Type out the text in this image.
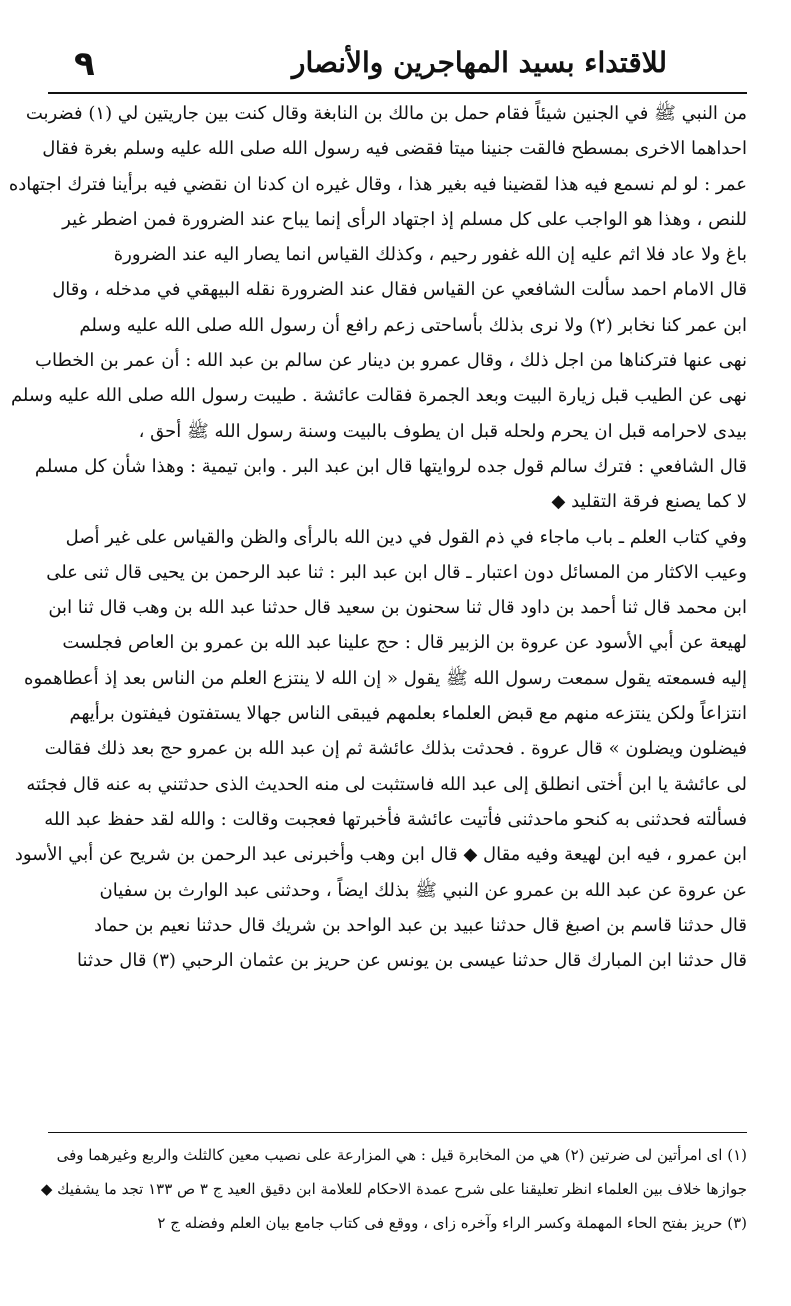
٩	للاقتداء بسيد المهاجرين والأنصار
من النبي ﷺ في الجنين شيئاً فقام حمل بن مالك بن النابغة وقال كنت بين جاريتين لي (١) فضربت
احداهما الاخرى بمسطح فالقت جنينا ميتا فقضى فيه رسول الله صلى الله عليه وسلم بغرة فقال
عمر : لو لم نسمع فيه هذا لقضينا فيه بغير هذا ، وقال غيره ان كدنا ان نقضي فيه برأينا فترك اجتهاده
للنص ، وهذا هو الواجب على كل مسلم إذ اجتهاد الرأى إنما يباح عند الضرورة فمن اضطر غير
باغ ولا عاد فلا اثم عليه إن الله غفور رحيم ، وكذلك القياس انما يصار اليه عند الضرورة
قال الامام احمد سألت الشافعي عن القياس فقال عند الضرورة نقله البيهقي في مدخله ، وقال
ابن عمر كنا نخابر (٢) ولا نرى بذلك بأساحتى زعم رافع أن رسول الله صلى الله عليه وسلم
نهى عنها فتركناها من اجل ذلك ، وقال عمرو بن دينار عن سالم بن عبد الله : أن عمر بن الخطاب
نهى عن الطيب قبل زيارة البيت وبعد الجمرة فقالت عائشة . طيبت رسول الله صلى الله عليه وسلم
بيدى لاحرامه قبل ان يحرم ولحله قبل ان يطوف بالبيت وسنة رسول الله ﷺ أحق ،
قال الشافعي : فترك سالم قول جده لروايتها قال ابن عبد البر . وابن تيمية : وهذا شأن كل مسلم
لا كما يصنع فرقة التقليد ◆
وفي كتاب العلم ـ باب ماجاء في ذم القول في دين الله بالرأى والظن والقياس على غير أصل
وعيب الاكثار من المسائل دون اعتبار ـ قال ابن عبد البر : ثنا عبد الرحمن بن يحيى قال ثنى على
ابن محمد قال ثنا أحمد بن داود قال ثنا سحنون بن سعيد قال حدثنا عبد الله بن وهب قال ثنا ابن
لهيعة عن أبي الأسود عن عروة بن الزبير قال : حج علينا عبد الله بن عمرو بن العاص فجلست
إليه فسمعته يقول سمعت رسول الله ﷺ يقول « إن الله لا ينتزع العلم من الناس بعد إذ أعطاهموه
انتزاعاً ولكن ينتزعه منهم مع قبض العلماء بعلمهم فيبقى الناس جهالا يستفتون فيفتون برأيهم
فيضلون ويضلون » قال عروة . فحدثت بذلك عائشة ثم إن عبد الله بن عمرو حج بعد ذلك فقالت
لى عائشة يا ابن أختى انطلق إلى عبد الله فاستثبت لى منه الحديث الذى حدثتني به عنه قال فجئته
فسألته فحدثنى به كنحو ماحدثنى فأتيت عائشة فأخبرتها فعجبت وقالت : والله لقد حفظ عبد الله
ابن عمرو ، فيه ابن لهيعة وفيه مقال ◆ قال ابن وهب وأخبرنى عبد الرحمن بن شريح عن أبي الأسود
عن عروة عن عبد الله بن عمرو عن النبي ﷺ بذلك ايضاً ، وحدثنى عبد الوارث بن سفيان
قال حدثنا قاسم بن اصبغ قال حدثنا عبيد بن عبد الواحد بن شريك قال حدثنا نعيم بن حماد
قال حدثنا ابن المبارك قال حدثنا عيسى بن يونس عن حريز بن عثمان الرحبي (٣) قال حدثنا
(١) اى امرأتين لى ضرتين (٢) هي من المخابرة قيل : هي المزارعة على نصيب معين كالثلث والربع وغيرهما وفى
جوازها خلاف بين العلماء انظر تعليقنا على شرح عمدة الاحكام للعلامة ابن دقيق العيد ج ٣ ص ١٣٣ تجد ما يشفيك ◆
(٣) حريز بفتح الحاء المهملة وكسر الراء وآخره زاى ، ووقع فى كتاب جامع بيان العلم وفضله ج ٢
